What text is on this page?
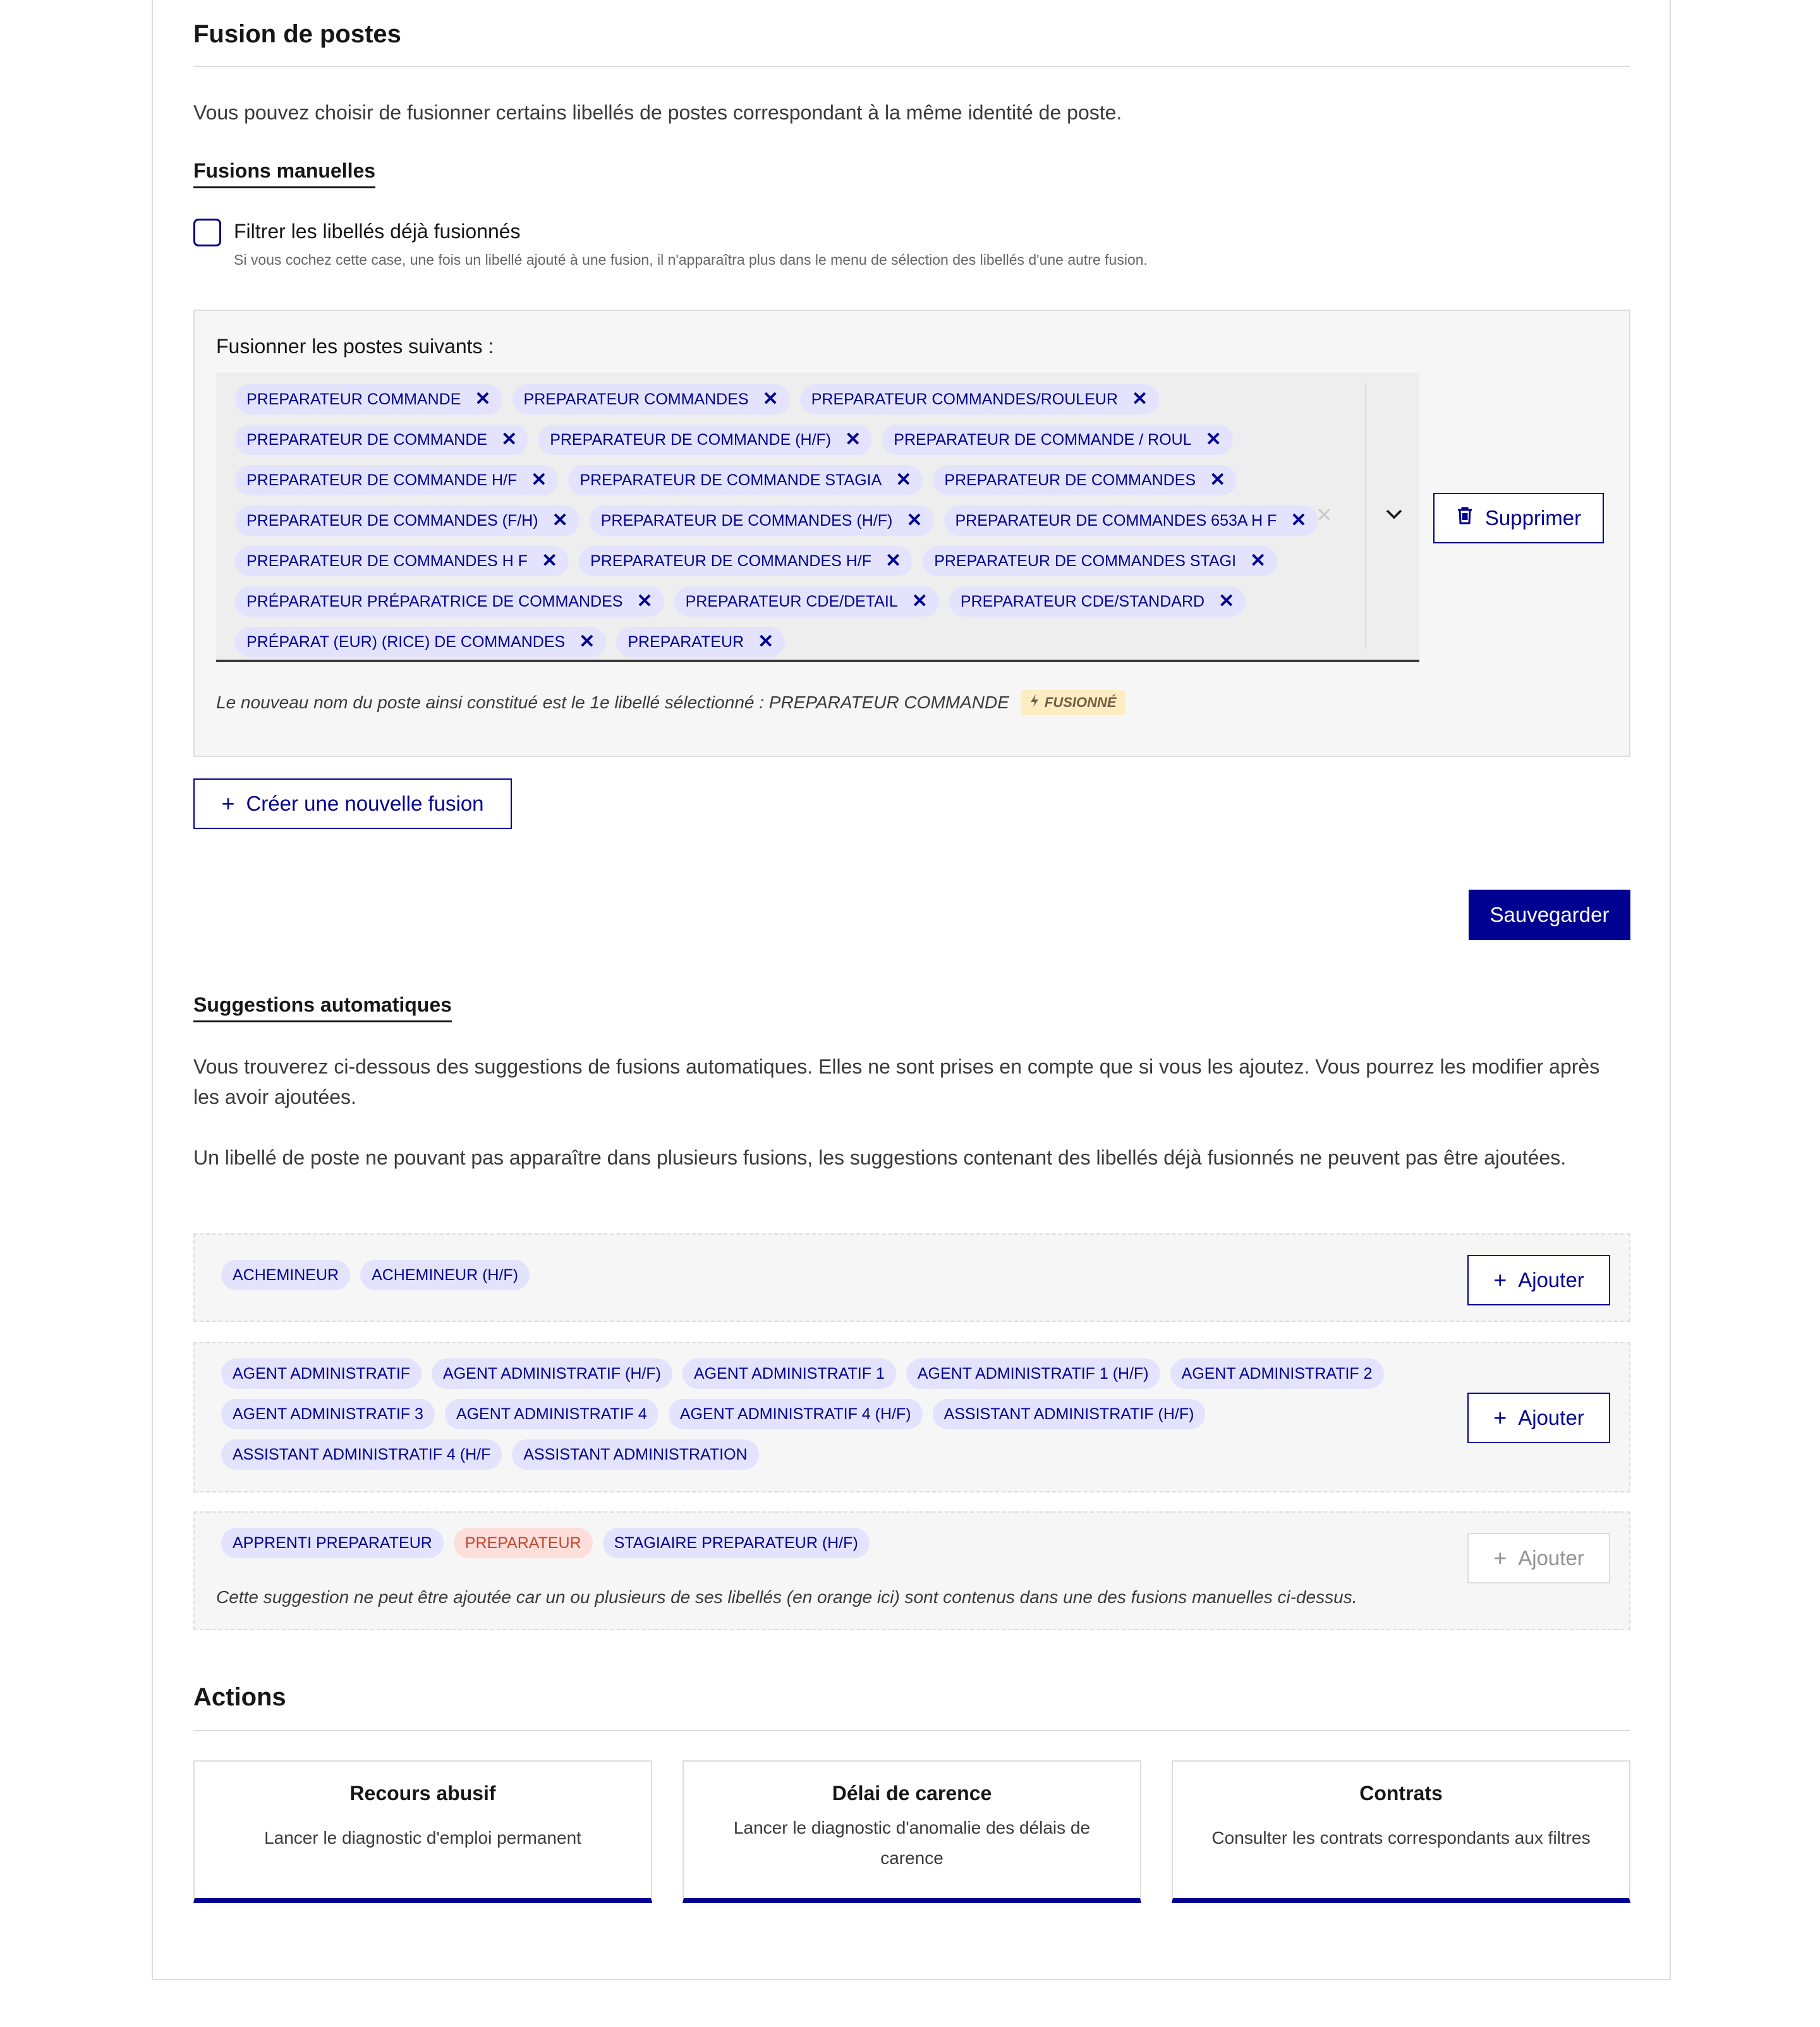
Fusion de postes
Vous pouvez choisir de fusionner certains libellés de postes correspondant à la même identité de poste.
Fusions manuelles
Filtrer les libellés déjà fusionnés
Si vous cochez cette case, une fois un libellé ajouté à une fusion, il n'apparaîtra plus dans le menu de sélection des libellés d'une autre fusion.
Fusionner les postes suivants :
PREPARATEUR COMMANDE ✕ PREPARATEUR COMMANDES ✕ PREPARATEUR COMMANDES/ROULEUR ✕
PREPARATEUR DE COMMANDE ✕ PREPARATEUR DE COMMANDE (H/F) ✕ PREPARATEUR DE COMMANDE / ROUL ✕
PREPARATEUR DE COMMANDE H/F ✕ PREPARATEUR DE COMMANDE STAGIA ✕ PREPARATEUR DE COMMANDES ✕
PREPARATEUR DE COMMANDES (F/H) ✕ PREPARATEUR DE COMMANDES (H/F) ✕ PREPARATEUR DE COMMANDES 653A H F ✕
PREPARATEUR DE COMMANDES H F ✕ PREPARATEUR DE COMMANDES H/F ✕ PREPARATEUR DE COMMANDES STAGI ✕
PRÉPARATEUR PRÉPARATRICE DE COMMANDES ✕ PREPARATEUR CDE/DETAIL ✕ PREPARATEUR CDE/STANDARD ✕
PRÉPARAT (EUR) (RICE) DE COMMANDES ✕ PREPARATEUR ✕
✕	Supprimer
Le nouveau nom du poste ainsi constitué est le 1e libellé sélectionné : PREPARATEUR COMMANDE	FUSIONNÉ
+ Créer une nouvelle fusion
Sauvegarder
Suggestions automatiques
Vous trouverez ci-dessous des suggestions de fusions automatiques. Elles ne sont prises en compte que si vous les ajoutez. Vous pourrez les modifier après les avoir ajoutées.
Un libellé de poste ne pouvant pas apparaître dans plusieurs fusions, les suggestions contenant des libellés déjà fusionnés ne peuvent pas être ajoutées.
ACHEMINEUR	ACHEMINEUR (H/F)	+ Ajouter
AGENT ADMINISTRATIF	AGENT ADMINISTRATIF (H/F)	AGENT ADMINISTRATIF 1	AGENT ADMINISTRATIF 1 (H/F)	AGENT ADMINISTRATIF 2
AGENT ADMINISTRATIF 3	AGENT ADMINISTRATIF 4	AGENT ADMINISTRATIF 4 (H/F)	ASSISTANT ADMINISTRATIF (H/F)
ASSISTANT ADMINISTRATIF 4 (H/F	ASSISTANT ADMINISTRATION
+ Ajouter
APPRENTI PREPARATEUR	PREPARATEUR	STAGIAIRE PREPARATEUR (H/F)
Cette suggestion ne peut être ajoutée car un ou plusieurs de ses libellés (en orange ici) sont contenus dans une des fusions manuelles ci-dessus.
+ Ajouter
Actions
Recours abusif
Lancer le diagnostic d'emploi permanent
Délai de carence
Lancer le diagnostic d'anomalie des délais de carence
Contrats
Consulter les contrats correspondants aux filtres
